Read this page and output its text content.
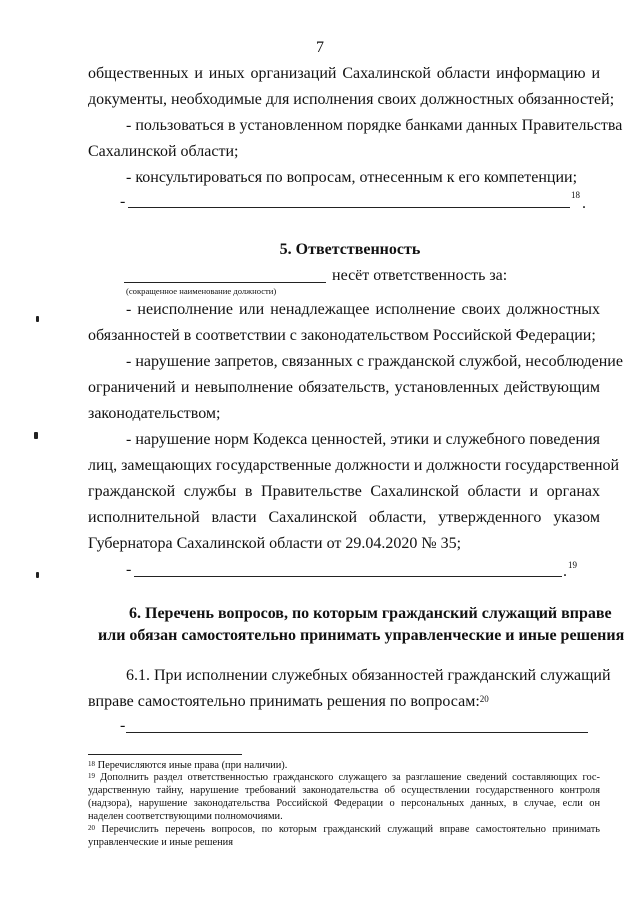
7
общественных и иных организаций Сахалинской области информацию и
документы, необходимые для исполнения своих должностных обязанностей;
- пользоваться в установленном порядке банками данных Правительства
Сахалинской области;
- консультироваться по вопросам, отнесенным к его компетенции;
-	18 .
5. Ответственность
несёт ответственность за:
(сокращенное наименование должности)
- неисполнение или ненадлежащее исполнение своих должностных
обязанностей в соответствии с законодательством Российской Федерации;
- нарушение запретов, связанных с гражданской службой, несоблюдение
ограничений и невыполнение обязательств, установленных действующим
законодательством;
- нарушение норм Кодекса ценностей, этики и служебного поведения
лиц, замещающих государственные должности и должности государственной
гражданской службы в Правительстве Сахалинской области и органах
исполнительной власти Сахалинской области, утвержденного указом
Губернатора Сахалинской области от 29.04.2020 № 35;
-	. 19
6. Перечень вопросов, по которым гражданский служащий вправе
или обязан самостоятельно принимать управленческие и иные решения
6.1. При исполнении служебных обязанностей гражданский служащий
вправе самостоятельно принимать решения по вопросам:$^{20}$
-
$^{18}$ Перечисляются иные права (при наличии).
$^{19}$ Дополнить раздел ответственностью гражданского служащего за разглашение сведений составляющих гос-
ударственную тайну, нарушение требований законодательства об осуществлении государственного контроля
(надзора), нарушение законодательства Российской Федерации о персональных данных, в случае, если он
наделен соответствующими полномочиями.
$^{20}$ Перечислить перечень вопросов, по которым гражданский служащий вправе самостоятельно принимать
управленческие и иные решения
